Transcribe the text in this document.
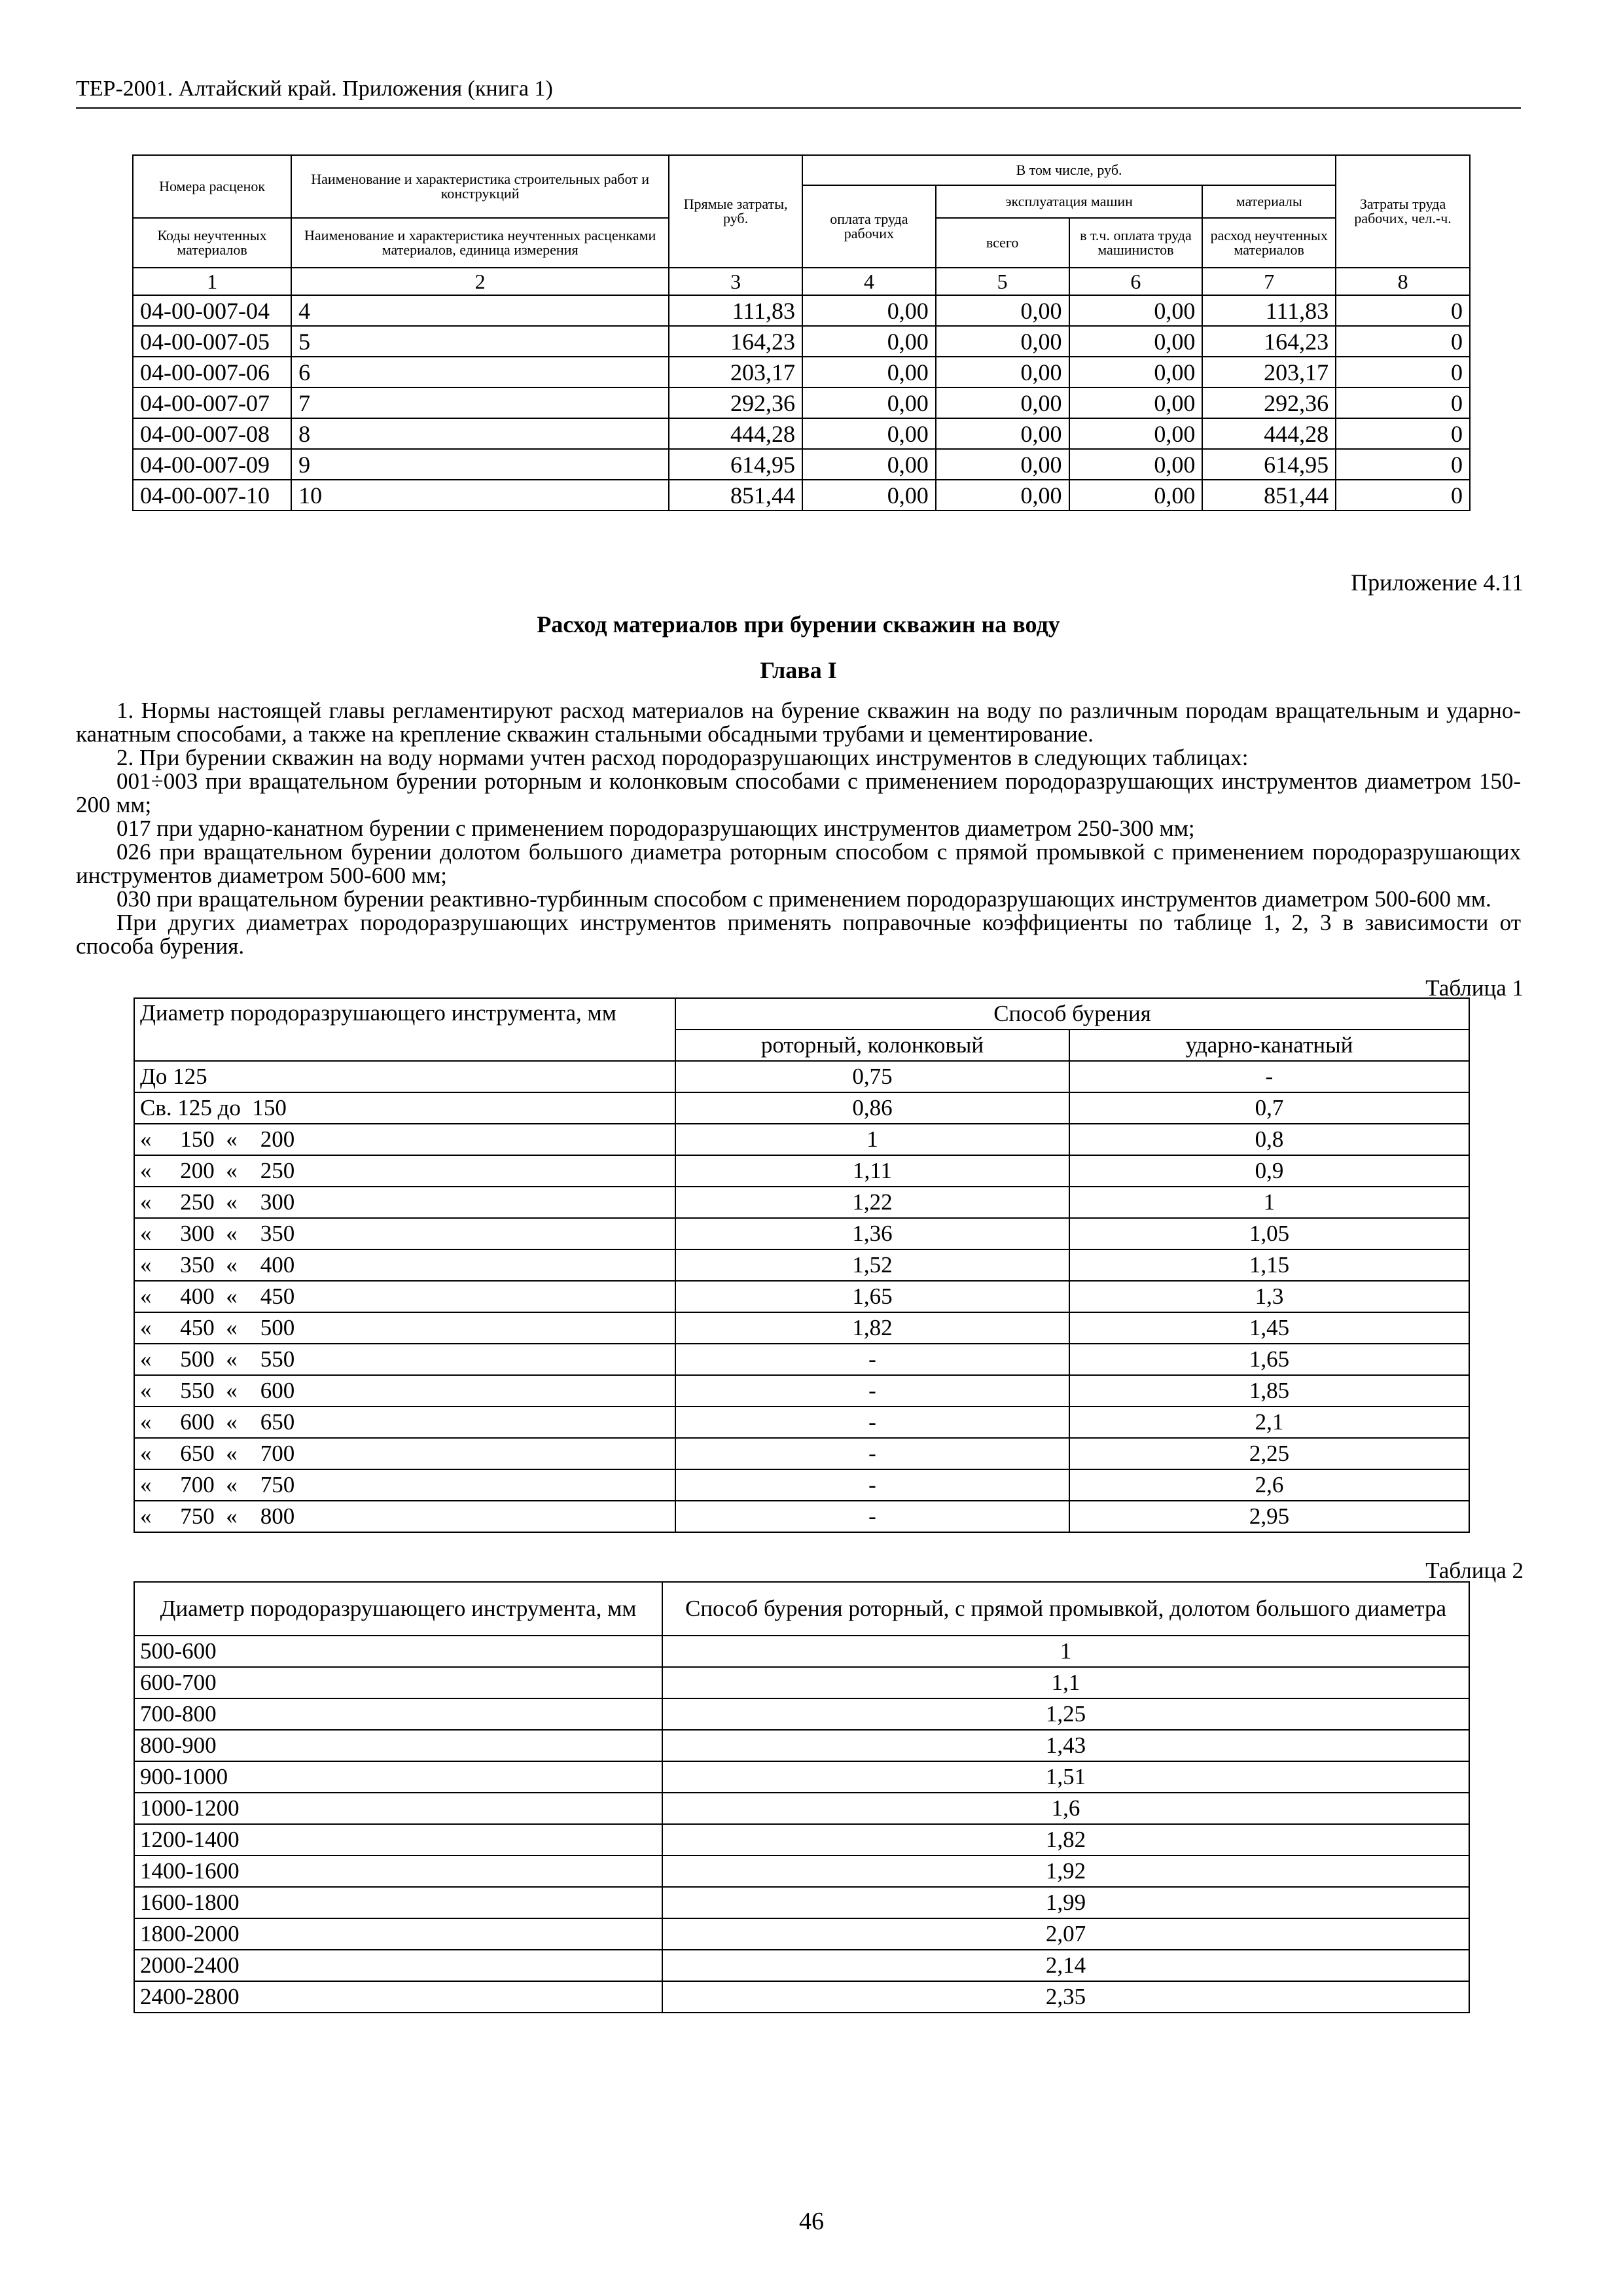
ТЕР-2001. Алтайский край. Приложения (книга 1)
Номера расценок	Наименование и характеристика строительных работ и конструкций	Прямые затраты, руб.	В том числе, руб.				Затраты труда рабочих, чел.-ч.
			оплата труда рабочих	эксплуатация машин		материалы	
Коды неучтенных материалов	Наименование и характеристика неучтенных расценками материалов, единица измерения			всего	в т.ч. оплата труда машинистов	расход неучтенных материалов	
1	2	3	4	5	6	7	8
04-00-007-04	4	111,83	0,00	0,00	0,00	111,83	0
04-00-007-05	5	164,23	0,00	0,00	0,00	164,23	0
04-00-007-06	6	203,17	0,00	0,00	0,00	203,17	0
04-00-007-07	7	292,36	0,00	0,00	0,00	292,36	0
04-00-007-08	8	444,28	0,00	0,00	0,00	444,28	0
04-00-007-09	9	614,95	0,00	0,00	0,00	614,95	0
04-00-007-10	10	851,44	0,00	0,00	0,00	851,44	0
Приложение 4.11
Расход материалов при бурении скважин на воду
Глава I

1. Нормы настоящей главы регламентируют расход материалов на бурение скважин на воду по различным породам вращательным и ударно-канатным способами, а также на крепление скважин стальными обсадными трубами и цементирование.

2. При бурении скважин на воду нормами учтен расход породоразрушающих инструментов в следующих таблицах:

001÷003 при вращательном бурении роторным и колонковым способами с применением породоразрушающих инструментов диаметром 150-200 мм;

017 при ударно-канатном бурении с применением породоразрушающих инструментов диаметром 250-300 мм;

026 при вращательном бурении долотом большого диаметра роторным способом с прямой промывкой с применением породоразрушающих инструментов диаметром 500-600 мм;

030 при вращательном бурении реактивно-турбинным способом с применением породоразрушающих инструментов диаметром 500-600 мм.

При других диаметрах породоразрушающих инструментов применять поправочные коэффициенты по таблице 1, 2, 3 в зависимости от способа бурения.

Таблица 1
Диаметр породоразрушающего инструмента, мм	Способ бурения	
	роторный, колонковый	ударно-канатный
До 125	0,75	-
Св. 125 до  150	0,86	0,7
«     150  «    200	1	0,8
«     200  «    250	1,11	0,9
«     250  «    300	1,22	1
«     300  «    350	1,36	1,05
«     350  «    400	1,52	1,15
«     400  «    450	1,65	1,3
«     450  «    500	1,82	1,45
«     500  «    550	-	1,65
«     550  «    600	-	1,85
«     600  «    650	-	2,1
«     650  «    700	-	2,25
«     700  «    750	-	2,6
«     750  «    800	-	2,95
Таблица 2
Диаметр породоразрушающего инструмента, мм	Способ бурения роторный, с прямой промывкой, долотом большого диаметра
500-600	1
600-700	1,1
700-800	1,25
800-900	1,43
900-1000	1,51
1000-1200	1,6
1200-1400	1,82
1400-1600	1,92
1600-1800	1,99
1800-2000	2,07
2000-2400	2,14
2400-2800	2,35
46
